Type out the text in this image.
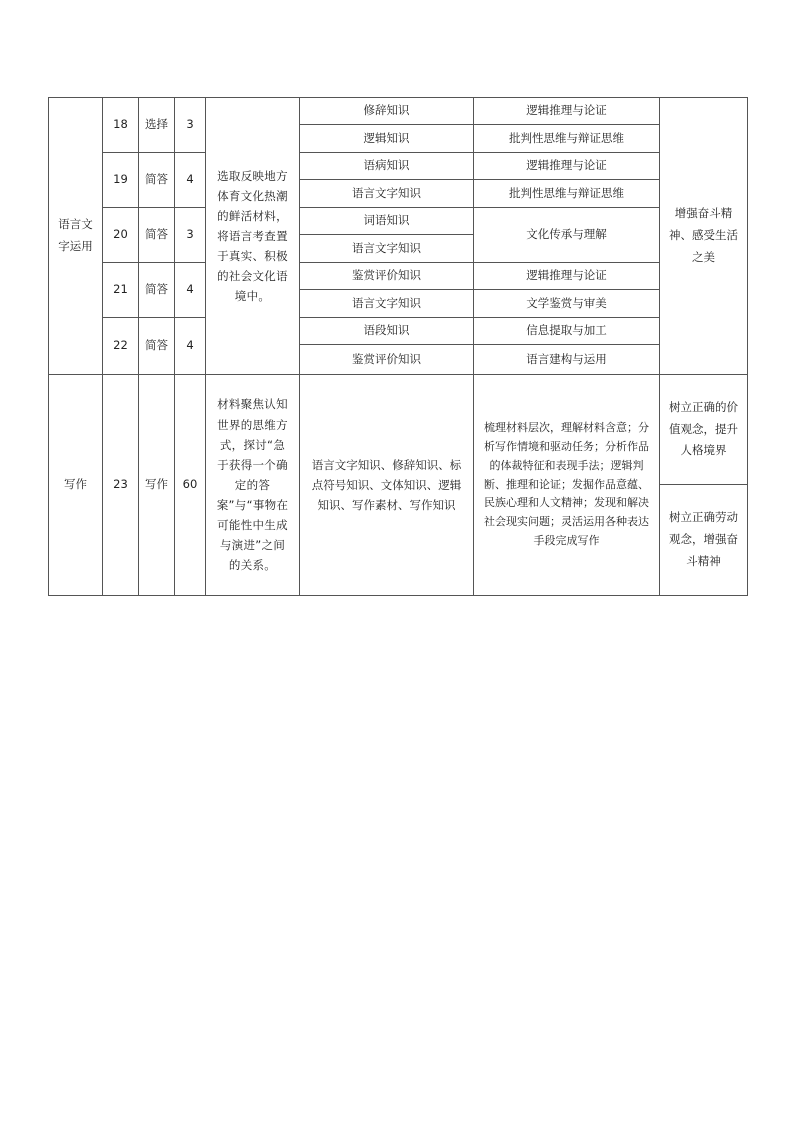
语言文字运用	18	选择	3	选取反映地方体育文化热潮的鲜活材料，将语言考查置于真实、积极的社会文化语境中。	修辞知识	逻辑推理与论证	增强奋斗精神、感受生活之美
					逻辑知识	批判性思维与辩证思维	
	19	简答	4		语病知识	逻辑推理与论证	
					语言文字知识	批判性思维与辩证思维	
	20	简答	3		词语知识	文化传承与理解	
					语言文字知识		
	21	简答	4		鉴赏评价知识	逻辑推理与论证	
					语言文字知识	文学鉴赏与审美	
	22	简答	4		语段知识	信息提取与加工	
					鉴赏评价知识	语言建构与运用	
写作	23	写作	60	材料聚焦认知世界的思维方式，探讨“急于获得一个确定的答案”与“事物在可能性中生成与演进”之间的关系。	语言文字知识、修辞知识、标点符号知识、文体知识、逻辑知识、写作素材、写作知识	梳理材料层次，理解材料含意；分析写作情境和驱动任务；分析作品的体裁特征和表现手法；逻辑判断、推理和论证；发掘作品意蕴、民族心理和人文精神；发现和解决社会现实问题；灵活运用各种表达手段完成写作	树立正确的价值观念，提升人格境界
							树立正确劳动观念，增强奋斗精神
